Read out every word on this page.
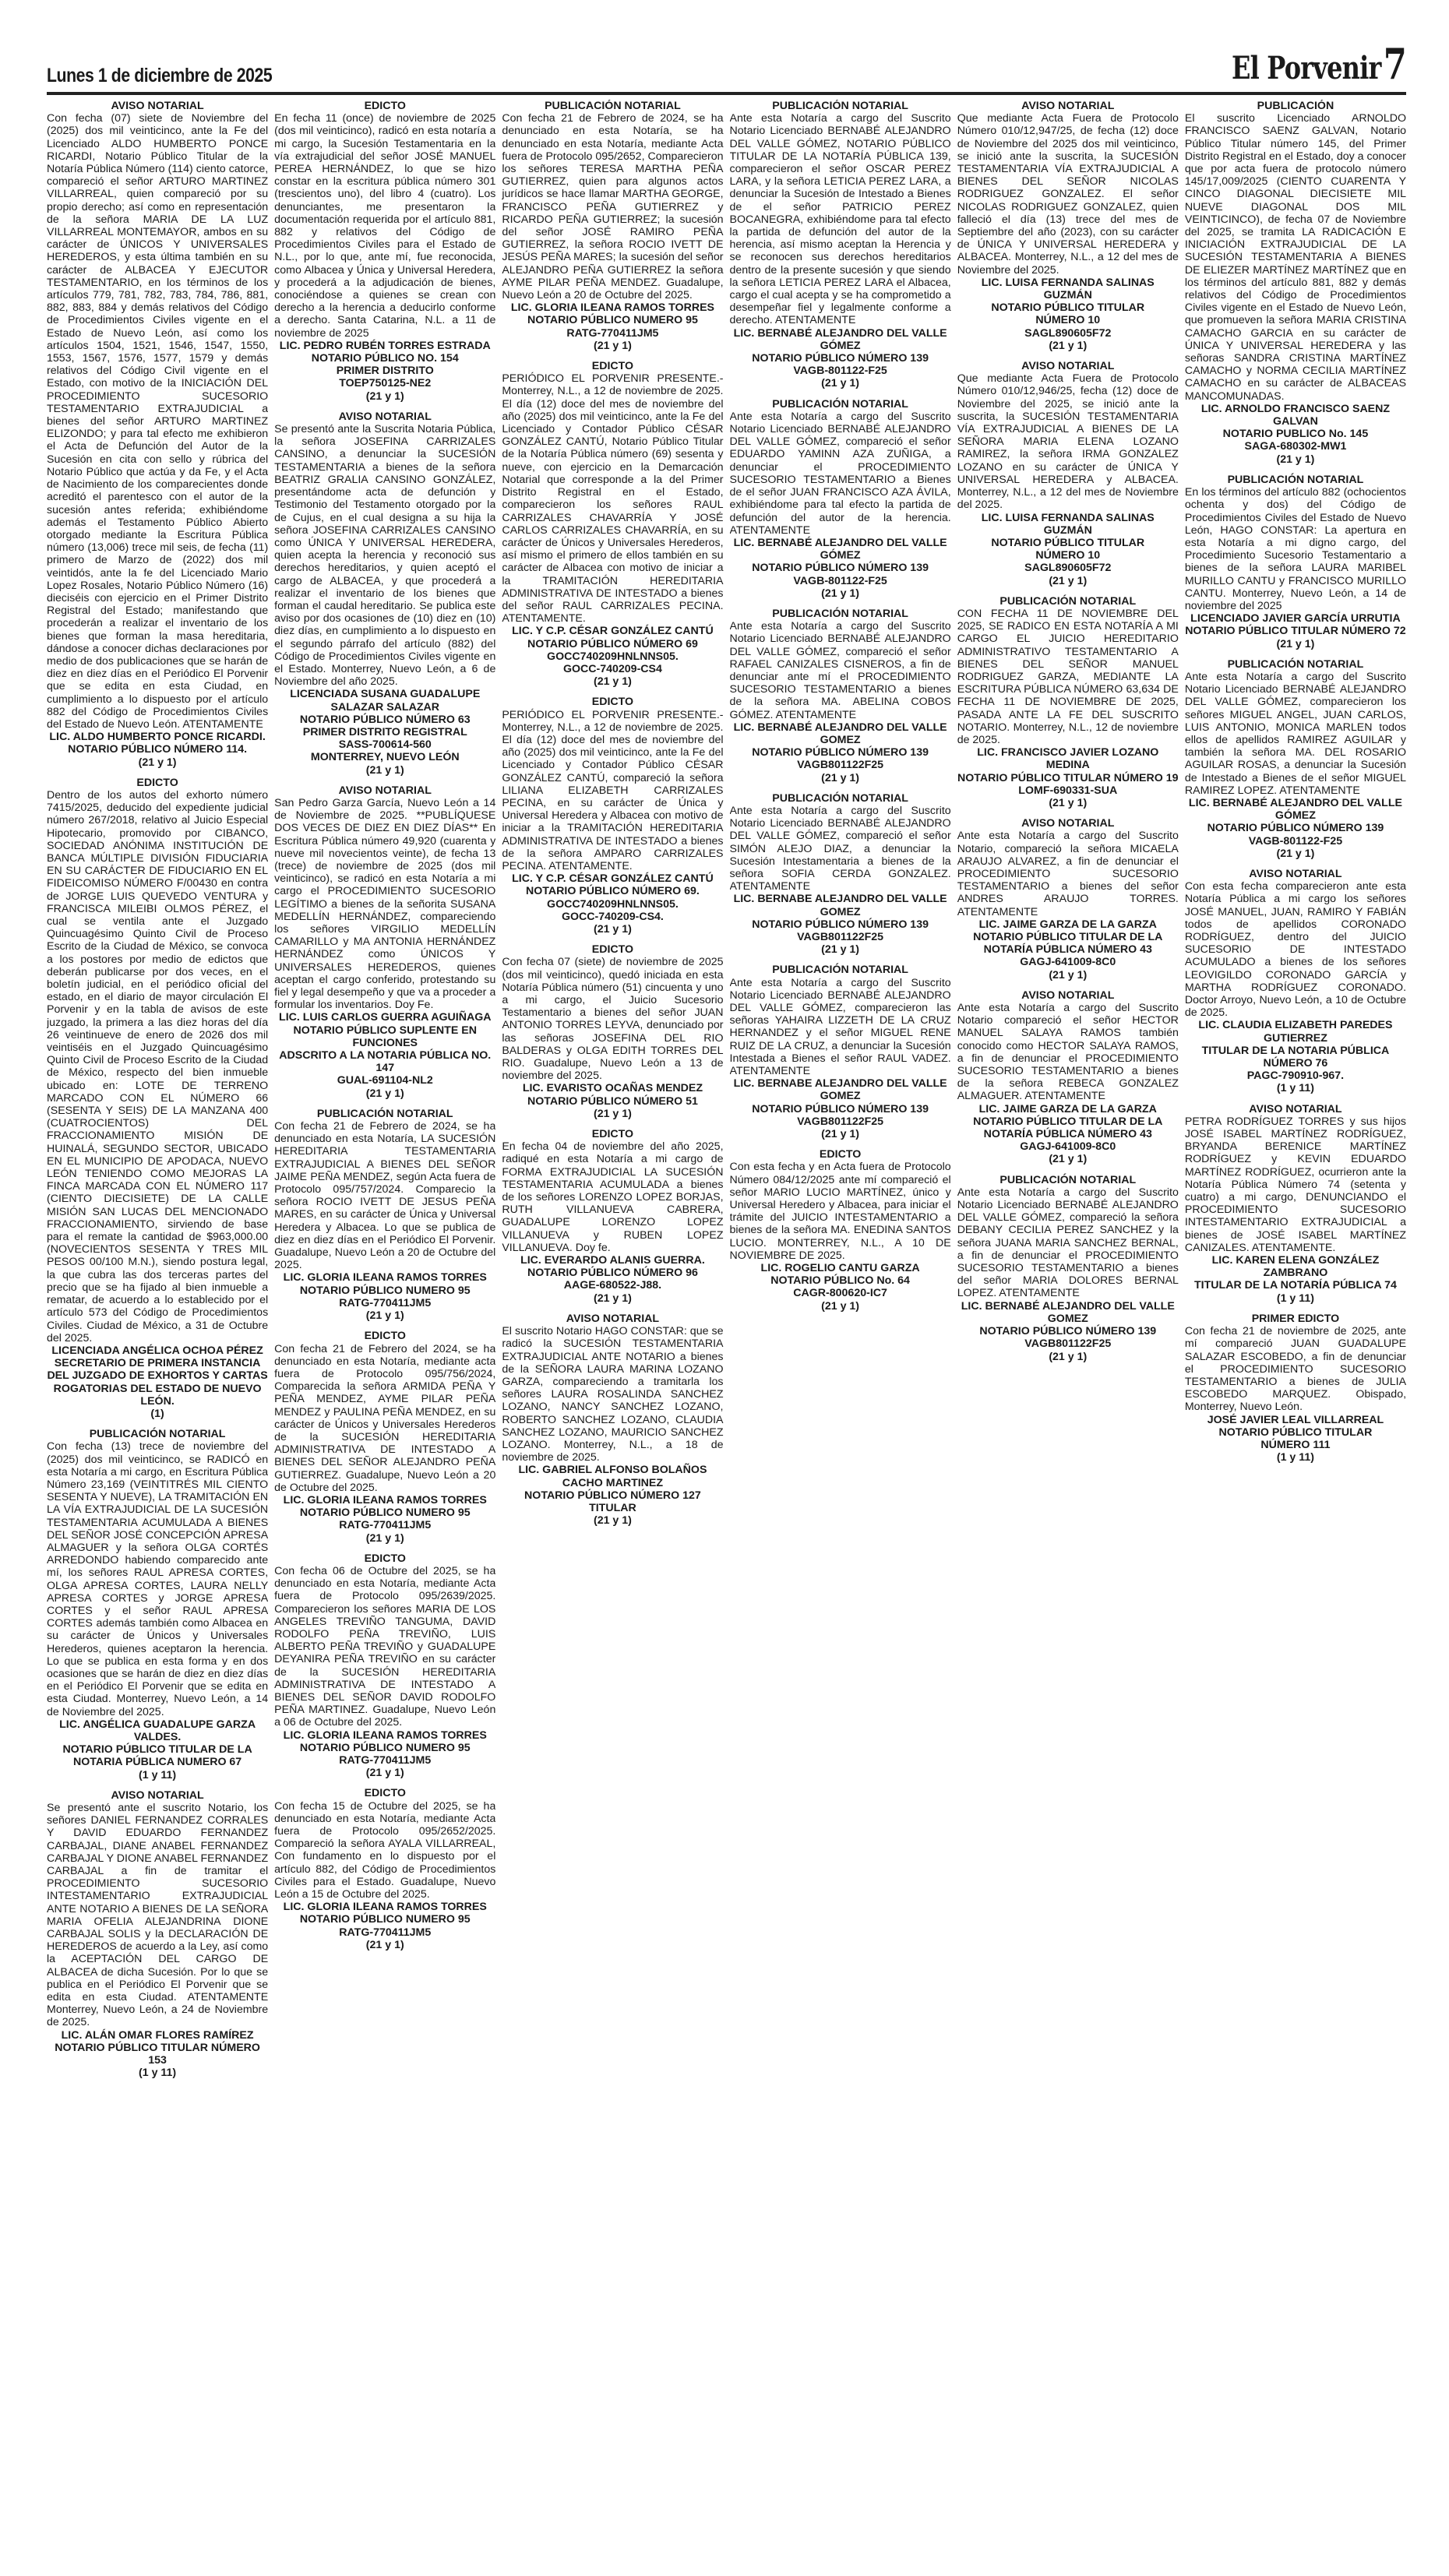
Lunes 1 de diciembre de 2025	El Porvenir7
AVISO NOTARIAL
Con fecha (07) siete de Noviembre del (2025) dos mil veinticinco, ante la Fe del Licenciado ALDO HUMBERTO PONCE RICARDI, Notario Público Titular de la Notaría Pública Número (114) ciento catorce, compareció el señor ARTURO MARTINEZ VILLARREAL, quien compareció por su propio derecho; así como en representación de la señora MARIA DE LA LUZ VILLARREAL MONTEMAYOR, ambos en su carácter de ÚNICOS Y UNIVERSALES HEREDEROS, y esta última también en su carácter de ALBACEA Y EJECUTOR TESTAMENTARIO, en los términos de los artículos 779, 781, 782, 783, 784, 786, 881, 882, 883, 884 y demás relativos del Código de Procedimientos Civiles vigente en el Estado de Nuevo León, así como los artículos 1504, 1521, 1546, 1547, 1550, 1553, 1567, 1576, 1577, 1579 y demás relativos del Código Civil vigente en el Estado, con motivo de la INICIACIÓN DEL PROCEDIMIENTO SUCESORIO TESTAMENTARIO EXTRAJUDICIAL a bienes del señor ARTURO MARTINEZ ELIZONDO; y para tal efecto me exhibieron el Acta de Defunción del Autor de la Sucesión en cita con sello y rúbrica del Notario Público que actúa y da Fe, y el Acta de Nacimiento de los comparecientes donde acreditó el parentesco con el autor de la sucesión antes referida; exhibiéndome además el Testamento Público Abierto otorgado mediante la Escritura Pública número (13,006) trece mil seis, de fecha (11) primero de Marzo de (2022) dos mil veintidós, ante la fe del Licenciado Mario Lopez Rosales, Notario Público Número (16) dieciséis con ejercicio en el Primer Distrito Registral del Estado; manifestando que procederán a realizar el inventario de los bienes que forman la masa hereditaria, dándose a conocer dichas declaraciones por medio de dos publicaciones que se harán de diez en diez días en el Periódico El Porvenir que se edita en esta Ciudad, en cumplimiento a lo dispuesto por el artículo 882 del Código de Procedimientos Civiles del Estado de Nuevo León. ATENTAMENTE
LIC. ALDO HUMBERTO PONCE RICARDI.
NOTARIO PÚBLICO NÚMERO 114.
(21 y 1)
EDICTO
Dentro de los autos del exhorto número 7415/2025, deducido del expediente judicial número 267/2018, relativo al Juicio Especial Hipotecario, promovido por CIBANCO, SOCIEDAD ANÓNIMA INSTITUCIÓN DE BANCA MÚLTIPLE DIVISIÓN FIDUCIARIA EN SU CARÁCTER DE FIDUCIARIO EN EL FIDEICOMISO NÚMERO F/00430 en contra de JORGE LUIS QUEVEDO VENTURA y FRANCISCA MILEIBI OLMOS PÉREZ, el cual se ventila ante el Juzgado Quincuagésimo Quinto Civil de Proceso Escrito de la Ciudad de México, se convoca a los postores por medio de edictos que deberán publicarse por dos veces, en el boletín judicial, en el periódico oficial del estado, en el diario de mayor circulación El Porvenir y en la tabla de avisos de este juzgado, la primera a las diez horas del día 26 veintinueve de enero de 2026 dos mil veintiséis en el Juzgado Quincuagésimo Quinto Civil de Proceso Escrito de la Ciudad de México, respecto del bien inmueble ubicado en: LOTE DE TERRENO MARCADO CON EL NÚMERO 66 (SESENTA Y SEIS) DE LA MANZANA 400 (CUATROCIENTOS) DEL FRACCIONAMIENTO MISIÓN DE HUINALÁ, SEGUNDO SECTOR, UBICADO EN EL MUNICIPIO DE APODACA, NUEVO LEÓN TENIENDO COMO MEJORAS LA FINCA MARCADA CON EL NÚMERO 117 (CIENTO DIECISIETE) DE LA CALLE MISIÓN SAN LUCAS DEL MENCIONADO FRACCIONAMIENTO, sirviendo de base para el remate la cantidad de $963,000.00 (NOVECIENTOS SESENTA Y TRES MIL PESOS 00/100 M.N.), siendo postura legal, la que cubra las dos terceras partes del precio que se ha fijado al bien inmueble a rematar, de acuerdo a lo establecido por el artículo 573 del Código de Procedimientos Civiles. Ciudad de México, a 31 de Octubre del 2025.
LICENCIADA ANGÉLICA OCHOA PÉREZ
SECRETARIO DE PRIMERA INSTANCIA DEL JUZGADO DE EXHORTOS Y CARTAS ROGATORIAS DEL ESTADO DE NUEVO LEÓN.
(1)
PUBLICACIÓN NOTARIAL
Con fecha (13) trece de noviembre del (2025) dos mil veinticinco, se RADICÓ en esta Notaría a mi cargo, en Escritura Pública Número 23,169 (VEINTITRÉS MIL CIENTO SESENTA Y NUEVE), LA TRAMITACIÓN EN LA VÍA EXTRAJUDICIAL DE LA SUCESIÓN TESTAMENTARIA ACUMULADA A BIENES DEL SEÑOR JOSÉ CONCEPCIÓN APRESA ALMAGUER y la señora OLGA CORTÉS ARREDONDO habiendo comparecido ante mí, los señores RAUL APRESA CORTES, OLGA APRESA CORTES, LAURA NELLY APRESA CORTES y JORGE APRESA CORTES y el señor RAUL APRESA CORTES además también como Albacea en su carácter de Únicos y Universales Herederos, quienes aceptaron la herencia. Lo que se publica en esta forma y en dos ocasiones que se harán de diez en diez días en el Periódico El Porvenir que se edita en esta Ciudad. Monterrey, Nuevo León, a 14 de Noviembre del 2025.
LIC. ANGÉLICA GUADALUPE GARZA VALDES.
NOTARIO PÚBLICO TITULAR DE LA NOTARIA PÚBLICA NUMERO 67
(1 y 11)
AVISO NOTARIAL
Se presentó ante el suscrito Notario, los señores DANIEL FERNANDEZ CORRALES Y DAVID EDUARDO FERNANDEZ CARBAJAL, DIANE ANABEL FERNANDEZ CARBAJAL Y DIONE ANABEL FERNANDEZ CARBAJAL a fin de tramitar el PROCEDIMIENTO SUCESORIO INTESTAMENTARIO EXTRAJUDICIAL ANTE NOTARIO A BIENES DE LA SEÑORA MARIA OFELIA ALEJANDRINA DIONE CARBAJAL SOLIS y la DECLARACIÓN DE HEREDEROS de acuerdo a la Ley, así como la ACEPTACIÓN DEL CARGO DE ALBACEA de dicha Sucesión. Por lo que se publica en el Periódico El Porvenir que se edita en esta Ciudad. ATENTAMENTE Monterrey, Nuevo León, a 24 de Noviembre de 2025.
LIC. ALÁN OMAR FLORES RAMÍREZ
NOTARIO PÚBLICO TITULAR NÚMERO 153
(1 y 11)
EDICTO
En fecha 11 (once) de noviembre de 2025 (dos mil veinticinco), radicó en esta notaría a mi cargo, la Sucesión Testamentaria en la vía extrajudicial del señor JOSÉ MANUEL PEREA HERNÁNDEZ, lo que se hizo constar en la escritura pública número 301 (trescientos uno), del libro 4 (cuatro). Los denunciantes, me presentaron la documentación requerida por el artículo 881, 882 y relativos del Código de Procedimientos Civiles para el Estado de N.L., por lo que, ante mí, fue reconocida, como Albacea y Única y Universal Heredera, y procederá a la adjudicación de bienes, conociéndose a quienes se crean con derecho a la herencia a deducirlo conforme a derecho. Santa Catarina, N.L. a 11 de noviembre de 2025
LIC. PEDRO RUBÉN TORRES ESTRADA
NOTARIO PÚBLICO NO. 154
PRIMER DISTRITO
TOEP750125-NE2
(21 y 1)
AVISO NOTARIAL
Se presentó ante la Suscrita Notaria Pública, la señora JOSEFINA CARRIZALES CANSINO, a denunciar la SUCESIÓN TESTAMENTARIA a bienes de la señora BEATRIZ GRALIA CANSINO GONZÁLEZ, presentándome acta de defunción y Testimonio del Testamento otorgado por la de Cujus, en el cual designa a su hija la señora JOSEFINA CARRIZALES CANSINO como ÚNICA Y UNIVERSAL HEREDERA, quien acepta la herencia y reconoció sus derechos hereditarios, y quien aceptó el cargo de ALBACEA, y que procederá a realizar el inventario de los bienes que forman el caudal hereditario. Se publica este aviso por dos ocasiones de (10) diez en (10) diez días, en cumplimiento a lo dispuesto en el segundo párrafo del artículo (882) del Código de Procedimientos Civiles vigente en el Estado. Monterrey, Nuevo León, a 6 de Noviembre del año 2025.
LICENCIADA SUSANA GUADALUPE SALAZAR SALAZAR
NOTARIO PÚBLICO NÚMERO 63
PRIMER DISTRITO REGISTRAL
SASS-700614-560
MONTERREY, NUEVO LEÓN
(21 y 1)
AVISO NOTARIAL
San Pedro Garza García, Nuevo León a 14 de Noviembre de 2025. **PUBLÍQUESE DOS VECES DE DIEZ EN DIEZ DÍAS** En Escritura Pública número 49,920 (cuarenta y nueve mil novecientos veinte), de fecha 13 (trece) de noviembre de 2025 (dos mil veinticinco), se radicó en esta Notaría a mi cargo el PROCEDIMIENTO SUCESORIO LEGÍTIMO a bienes de la señorita SUSANA MEDELLÍN HERNÁNDEZ, compareciendo los señores VIRGILIO MEDELLÍN CAMARILLO y MA ANTONIA HERNÁNDEZ HERNÁNDEZ como ÚNICOS Y UNIVERSALES HEREDEROS, quienes aceptan el cargo conferido, protestando su fiel y legal desempeño y que va a proceder a formular los inventarios. Doy Fe.
LIC. LUIS CARLOS GUERRA AGUIÑAGA
NOTARIO PÚBLICO SUPLENTE EN FUNCIONES
ADSCRITO A LA NOTARIA PÚBLICA NO. 147
GUAL-691104-NL2
(21 y 1)
PUBLICACIÓN NOTARIAL
Con fecha 21 de Febrero de 2024, se ha denunciado en esta Notaría, LA SUCESIÓN HEREDITARIA TESTAMENTARIA EXTRAJUDICIAL A BIENES DEL SEÑOR JAIME PEÑA MENDEZ, según Acta fuera de Protocolo 095/757/2024. Comparecio la señora ROCIO IVETT DE JESUS PEÑA MARES, en su carácter de Única y Universal Heredera y Albacea. Lo que se publica de diez en diez días en el Periódico El Porvenir. Guadalupe, Nuevo León a 20 de Octubre del 2025.
LIC. GLORIA ILEANA RAMOS TORRES
NOTARIO PÚBLICO NUMERO 95
RATG-770411JM5
(21 y 1)
EDICTO
Con fecha 21 de Febrero del 2024, se ha denunciado en esta Notaría, mediante acta fuera de Protocolo 095/756/2024, Comparecida la señora ARMIDA PEÑA Y PEÑA MENDEZ, AYME PILAR PEÑA MENDEZ y PAULINA PEÑA MENDEZ, en su carácter de Únicos y Universales Herederos de la SUCESIÓN HEREDITARIA ADMINISTRATIVA DE INTESTADO A BIENES DEL SEÑOR ALEJANDRO PEÑA GUTIERREZ. Guadalupe, Nuevo León a 20 de Octubre del 2025.
LIC. GLORIA ILEANA RAMOS TORRES
NOTARIO PÚBLICO NUMERO 95
RATG-770411JM5
(21 y 1)
EDICTO
Con fecha 06 de Octubre del 2025, se ha denunciado en esta Notaría, mediante Acta fuera de Protocolo 095/2639/2025. Comparecieron los señores MARIA DE LOS ANGELES TREVIÑO TANGUMA, DAVID RODOLFO PEÑA TREVIÑO, LUIS ALBERTO PEÑA TREVIÑO y GUADALUPE DEYANIRA PEÑA TREVIÑO en su carácter de la SUCESIÓN HEREDITARIA ADMINISTRATIVA DE INTESTADO A BIENES DEL SEÑOR DAVID RODOLFO PEÑA MARTINEZ. Guadalupe, Nuevo León a 06 de Octubre del 2025.
LIC. GLORIA ILEANA RAMOS TORRES
NOTARIO PÚBLICO NUMERO 95
RATG-770411JM5
(21 y 1)
EDICTO
Con fecha 15 de Octubre del 2025, se ha denunciado en esta Notaría, mediante Acta fuera de Protocolo 095/2652/2025. Compareció la señora AYALA VILLARREAL, Con fundamento en lo dispuesto por el artículo 882, del Código de Procedimientos Civiles para el Estado. Guadalupe, Nuevo León a 15 de Octubre del 2025.
LIC. GLORIA ILEANA RAMOS TORRES
NOTARIO PÚBLICO NUMERO 95
RATG-770411JM5
(21 y 1)
PUBLICACIÓN NOTARIAL
Con fecha 21 de Febrero de 2024, se ha denunciado en esta Notaría, se ha denunciado en esta Notaría, mediante Acta fuera de Protocolo 095/2652, Comparecieron los señores TERESA MARTHA PEÑA GUTIERREZ, quien para algunos actos jurídicos se hace llamar MARTHA GEORGE, FRANCISCO PEÑA GUTIERREZ y RICARDO PEÑA GUTIERREZ; la sucesión del señor JOSÉ RAMIRO PEÑA GUTIERREZ, la señora ROCIO IVETT DE JESÚS PEÑA MARES; la sucesión del señor ALEJANDRO PEÑA GUTIERREZ la señora AYME PILAR PEÑA MENDEZ. Guadalupe, Nuevo León a 20 de Octubre del 2025.
LIC. GLORIA ILEANA RAMOS TORRES
NOTARIO PÚBLICO NUMERO 95
RATG-770411JM5
(21 y 1)
EDICTO
PERIÓDICO EL PORVENIR PRESENTE.- Monterrey, N.L., a 12 de noviembre de 2025. El día (12) doce del mes de noviembre del año (2025) dos mil veinticinco, ante la Fe del Licenciado y Contador Público CÉSAR GONZÁLEZ CANTÚ, Notario Público Titular de la Notaría Pública número (69) sesenta y nueve, con ejercicio en la Demarcación Notarial que corresponde a la del Primer Distrito Registral en el Estado, comparecieron los señores RAUL CARRIZALES CHAVARRÍA Y JOSÉ CARLOS CARRIZALES CHAVARRÍA, en su carácter de Únicos y Universales Herederos, así mismo el primero de ellos también en su carácter de Albacea con motivo de iniciar a la TRAMITACIÓN HEREDITARIA ADMINISTRATIVA DE INTESTADO a bienes del señor RAUL CARRIZALES PECINA. ATENTAMENTE.
LIC. Y C.P. CÉSAR GONZÁLEZ CANTÚ
NOTARIO PÚBLICO NÚMERO 69
GOCC740209HNLNNS05.
GOCC-740209-CS4
(21 y 1)
EDICTO
PERIÓDICO EL PORVENIR PRESENTE.- Monterrey, N.L., a 12 de noviembre de 2025. El día (12) doce del mes de noviembre del año (2025) dos mil veinticinco, ante la Fe del Licenciado y Contador Público CÉSAR GONZÁLEZ CANTÚ, compareció la señora LILIANA ELIZABETH CARRIZALES PECINA, en su carácter de Única y Universal Heredera y Albacea con motivo de iniciar a la TRAMITACIÓN HEREDITARIA ADMINISTRATIVA DE INTESTADO a bienes de la señora AMPARO CARRIZALES PECINA. ATENTAMENTE.
LIC. Y C.P. CÉSAR GONZÁLEZ CANTÚ
NOTARIO PÚBLICO NÚMERO 69.
GOCC740209HNLNNS05.
GOCC-740209-CS4.
(21 y 1)
EDICTO
Con fecha 07 (siete) de noviembre de 2025 (dos mil veinticinco), quedó iniciada en esta Notaría Pública número (51) cincuenta y uno a mi cargo, el Juicio Sucesorio Testamentario a bienes del señor JUAN ANTONIO TORRES LEYVA, denunciado por las señoras JOSEFINA DEL RIO BALDERAS y OLGA EDITH TORRES DEL RIO. Guadalupe, Nuevo León a 13 de noviembre del 2025.
LIC. EVARISTO OCAÑAS MENDEZ
NOTARIO PÚBLICO NÚMERO 51
(21 y 1)
EDICTO
En fecha 04 de noviembre del año 2025, radiqué en esta Notaría a mi cargo de FORMA EXTRAJUDICIAL LA SUCESIÓN TESTAMENTARIA ACUMULADA a bienes de los señores LORENZO LOPEZ BORJAS, RUTH VILLANUEVA CABRERA, GUADALUPE LORENZO LOPEZ VILLANUEVA y RUBEN LOPEZ VILLANUEVA. Doy fe.
LIC. EVERARDO ALANIS GUERRA.
NOTARIO PÚBLICO NÚMERO 96
AAGE-680522-J88.
(21 y 1)
AVISO NOTARIAL
El suscrito Notario HAGO CONSTAR: que se radicó la SUCESIÓN TESTAMENTARIA EXTRAJUDICIAL ANTE NOTARIO a bienes de la SEÑORA LAURA MARINA LOZANO GARZA, compareciendo a tramitarla los señores LAURA ROSALINDA SANCHEZ LOZANO, NANCY SANCHEZ LOZANO, ROBERTO SANCHEZ LOZANO, CLAUDIA SANCHEZ LOZANO, MAURICIO SANCHEZ LOZANO. Monterrey, N.L., a 18 de noviembre de 2025.
LIC. GABRIEL ALFONSO BOLAÑOS CACHO MARTINEZ
NOTARIO PÚBLICO NÚMERO 127
TITULAR
(21 y 1)
PUBLICACIÓN NOTARIAL
Ante esta Notaría a cargo del Suscrito Notario Licenciado BERNABÉ ALEJANDRO DEL VALLE GÓMEZ, NOTARIO PÚBLICO TITULAR DE LA NOTARÍA PÚBLICA 139, comparecieron el señor OSCAR PEREZ LARA, y la señora LETICIA PEREZ LARA, a denunciar la Sucesión de Intestado a Bienes de el señor PATRICIO PEREZ BOCANEGRA, exhibiéndome para tal efecto la partida de defunción del autor de la herencia, así mismo aceptan la Herencia y se reconocen sus derechos hereditarios dentro de la presente sucesión y que siendo la señora LETICIA PEREZ LARA el Albacea, cargo el cual acepta y se ha comprometido a desempeñar fiel y legalmente conforme a derecho. ATENTAMENTE
LIC. BERNABÉ ALEJANDRO DEL VALLE GÓMEZ
NOTARIO PÚBLICO NÚMERO 139
VAGB-801122-F25
(21 y 1)
PUBLICACIÓN NOTARIAL
Ante esta Notaría a cargo del Suscrito Notario Licenciado BERNABÉ ALEJANDRO DEL VALLE GÓMEZ, compareció el señor EDUARDO YAMINN AZA ZUÑIGA, a denunciar el PROCEDIMIENTO SUCESORIO TESTAMENTARIO a Bienes de el señor JUAN FRANCISCO AZA ÁVILA, exhibiéndome para tal efecto la partida de defunción del autor de la herencia. ATENTAMENTE
LIC. BERNABÉ ALEJANDRO DEL VALLE GÓMEZ
NOTARIO PÚBLICO NÚMERO 139
VAGB-801122-F25
(21 y 1)
PUBLICACIÓN NOTARIAL
Ante esta Notaría a cargo del Suscrito Notario Licenciado BERNABÉ ALEJANDRO DEL VALLE GÓMEZ, compareció el señor RAFAEL CANIZALES CISNEROS, a fin de denunciar ante mí el PROCEDIMIENTO SUCESORIO TESTAMENTARIO a bienes de la señora MA. ABELINA COBOS GÓMEZ. ATENTAMENTE
LIC. BERNABÉ ALEJANDRO DEL VALLE GOMEZ
NOTARIO PÚBLICO NÚMERO 139
VAGB801122F25
(21 y 1)
PUBLICACIÓN NOTARIAL
Ante esta Notaría a cargo del Suscrito Notario Licenciado BERNABÉ ALEJANDRO DEL VALLE GÓMEZ, compareció el señor SIMÓN ALEJO DIAZ, a denunciar la Sucesión Intestamentaria a bienes de la señora SOFIA CERDA GONZALEZ. ATENTAMENTE
LIC. BERNABE ALEJANDRO DEL VALLE GOMEZ
NOTARIO PÚBLICO NÚMERO 139
VAGB801122F25
(21 y 1)
PUBLICACIÓN NOTARIAL
Ante esta Notaría a cargo del Suscrito Notario Licenciado BERNABÉ ALEJANDRO DEL VALLE GÓMEZ, comparecieron las señoras YAHAIRA LIZZETH DE LA CRUZ HERNANDEZ y el señor MIGUEL RENE RUIZ DE LA CRUZ, a denunciar la Sucesión Intestada a Bienes el señor RAUL VADEZ. ATENTAMENTE
LIC. BERNABE ALEJANDRO DEL VALLE GOMEZ
NOTARIO PÚBLICO NÚMERO 139
VAGB801122F25
(21 y 1)
EDICTO
Con esta fecha y en Acta fuera de Protocolo Número 084/12/2025 ante mí compareció el señor MARIO LUCIO MARTÍNEZ, único y Universal Heredero y Albacea, para iniciar el trámite del JUICIO INTESTAMENTARIO a bienes de la señora MA. ENEDINA SANTOS LUCIO. MONTERREY, N.L., A 10 DE NOVIEMBRE DE 2025.
LIC. ROGELIO CANTU GARZA
NOTARIO PÚBLICO No. 64
CAGR-800620-IC7
(21 y 1)
AVISO NOTARIAL
Que mediante Acta Fuera de Protocolo Número 010/12,947/25, de fecha (12) doce de Noviembre del 2025 dos mil veinticinco, se inició ante la suscrita, la SUCESIÓN TESTAMENTARIA VÍA EXTRAJUDICIAL A BIENES DEL SEÑOR NICOLAS RODRIGUEZ GONZALEZ. El señor NICOLAS RODRIGUEZ GONZALEZ, quien falleció el día (13) trece del mes de Septiembre del año (2023), con su carácter de ÚNICA Y UNIVERSAL HEREDERA y ALBACEA. Monterrey, N.L., a 12 del mes de Noviembre del 2025.
LIC. LUISA FERNANDA SALINAS GUZMÁN
NOTARIO PÚBLICO TITULAR
NÚMERO 10
SAGL890605F72
(21 y 1)
AVISO NOTARIAL
Que mediante Acta Fuera de Protocolo Número 010/12,946/25, fecha (12) doce de Noviembre del 2025, se inició ante la suscrita, la SUCESIÓN TESTAMENTARIA VÍA EXTRAJUDICIAL A BIENES DE LA SEÑORA MARIA ELENA LOZANO RAMIREZ, la señora IRMA GONZALEZ LOZANO en su carácter de ÚNICA Y UNIVERSAL HEREDERA y ALBACEA. Monterrey, N.L., a 12 del mes de Noviembre del 2025.
LIC. LUISA FERNANDA SALINAS GUZMÁN
NOTARIO PÚBLICO TITULAR
NÚMERO 10
SAGL890605F72
(21 y 1)
PUBLICACIÓN NOTARIAL
CON FECHA 11 DE NOVIEMBRE DEL 2025, SE RADICO EN ESTA NOTARÍA A MI CARGO EL JUICIO HEREDITARIO ADMINISTRATIVO TESTAMENTARIO A BIENES DEL SEÑOR MANUEL RODRIGUEZ GARZA, MEDIANTE LA ESCRITURA PÚBLICA NÚMERO 63,634 DE FECHA 11 DE NOVIEMBRE DE 2025, PASADA ANTE LA FE DEL SUSCRITO NOTARIO. Monterrey, N.L., 12 de noviembre de 2025.
LIC. FRANCISCO JAVIER LOZANO MEDINA
NOTARIO PÚBLICO TITULAR NÚMERO 19
LOMF-690331-SUA
(21 y 1)
AVISO NOTARIAL
Ante esta Notaría a cargo del Suscrito Notario, compareció la señora MICAELA ARAUJO ALVAREZ, a fin de denunciar el PROCEDIMIENTO SUCESORIO TESTAMENTARIO a bienes del señor ANDRES ARAUJO TORRES. ATENTAMENTE
LIC. JAIME GARZA DE LA GARZA
NOTARIO PÚBLICO TITULAR DE LA NOTARÍA PÚBLICA NÚMERO 43
GAGJ-641009-8C0
(21 y 1)
AVISO NOTARIAL
Ante esta Notaría a cargo del Suscrito Notario compareció el señor HECTOR MANUEL SALAYA RAMOS también conocido como HECTOR SALAYA RAMOS, a fin de denunciar el PROCEDIMIENTO SUCESORIO TESTAMENTARIO a bienes de la señora REBECA GONZALEZ ALMAGUER. ATENTAMENTE
LIC. JAIME GARZA DE LA GARZA
NOTARIO PÚBLICO TITULAR DE LA NOTARÍA PÚBLICA NÚMERO 43
GAGJ-641009-8C0
(21 y 1)
PUBLICACIÓN NOTARIAL
Ante esta Notaría a cargo del Suscrito Notario Licenciado BERNABÉ ALEJANDRO DEL VALLE GÓMEZ, compareció la señora DEBANY CECILIA PEREZ SANCHEZ y la señora JUANA MARIA SANCHEZ BERNAL, a fin de denunciar el PROCEDIMIENTO SUCESORIO TESTAMENTARIO a bienes del señor MARIA DOLORES BERNAL LOPEZ. ATENTAMENTE
LIC. BERNABÉ ALEJANDRO DEL VALLE GOMEZ
NOTARIO PÚBLICO NÚMERO 139
VAGB801122F25
(21 y 1)
PUBLICACIÓN
El suscrito Licenciado ARNOLDO FRANCISCO SAENZ GALVAN, Notario Público Titular número 145, del Primer Distrito Registral en el Estado, doy a conocer que por acta fuera de protocolo número 145/17,009/2025 (CIENTO CUARENTA Y CINCO DIAGONAL DIECISIETE MIL NUEVE DIAGONAL DOS MIL VEINTICINCO), de fecha 07 de Noviembre del 2025, se tramita LA RADICACIÓN E INICIACIÓN EXTRAJUDICIAL DE LA SUCESIÓN TESTAMENTARIA A BIENES DE ELIEZER MARTÍNEZ MARTÍNEZ que en los términos del artículo 881, 882 y demás relativos del Código de Procedimientos Civiles vigente en el Estado de Nuevo León, que promueven la señora MARIA CRISTINA CAMACHO GARCIA en su carácter de ÚNICA Y UNIVERSAL HEREDERA y las señoras SANDRA CRISTINA MARTÍNEZ CAMACHO y NORMA CECILIA MARTÍNEZ CAMACHO en su carácter de ALBACEAS MANCOMUNADAS.
LIC. ARNOLDO FRANCISCO SAENZ GALVAN
NOTARIO PUBLICO No. 145
SAGA-680302-MW1
(21 y 1)
PUBLICACIÓN NOTARIAL
En los términos del artículo 882 (ochocientos ochenta y dos) del Código de Procedimientos Civiles del Estado de Nuevo León, HAGO CONSTAR: La apertura en esta Notaría a mi digno cargo, del Procedimiento Sucesorio Testamentario a bienes de la señora LAURA MARIBEL MURILLO CANTU y FRANCISCO MURILLO CANTU. Monterrey, Nuevo León, a 14 de noviembre del 2025
LICENCIADO JAVIER GARCÍA URRUTIA
NOTARIO PÚBLICO TITULAR NÚMERO 72
(21 y 1)
PUBLICACIÓN NOTARIAL
Ante esta Notaría a cargo del Suscrito Notario Licenciado BERNABÉ ALEJANDRO DEL VALLE GÓMEZ, comparecieron los señores MIGUEL ANGEL, JUAN CARLOS, LUIS ANTONIO, MONICA MARLEN todos ellos de apellidos RAMIREZ AGUILAR y también la señora MA. DEL ROSARIO AGUILAR ROSAS, a denunciar la Sucesión de Intestado a Bienes de el señor MIGUEL RAMIREZ LOPEZ. ATENTAMENTE
LIC. BERNABÉ ALEJANDRO DEL VALLE GÓMEZ
NOTARIO PÚBLICO NÚMERO 139
VAGB-801122-F25
(21 y 1)
AVISO NOTARIAL
Con esta fecha comparecieron ante esta Notaría Pública a mi cargo los señores JOSÉ MANUEL, JUAN, RAMIRO Y FABIÁN todos de apellidos CORONADO RODRÍGUEZ, dentro del JUICIO SUCESORIO DE INTESTADO ACUMULADO a bienes de los señores LEOVIGILDO CORONADO GARCÍA y MARTHA RODRÍGUEZ CORONADO. Doctor Arroyo, Nuevo León, a 10 de Octubre de 2025.
LIC. CLAUDIA ELIZABETH PAREDES GUTIERREZ
TITULAR DE LA NOTARIA PÚBLICA NÚMERO 76
PAGC-790910-967.
(1 y 11)
AVISO NOTARIAL
PETRA RODRÍGUEZ TORRES y sus hijos JOSÉ ISABEL MARTÍNEZ RODRÍGUEZ, BRYANDA BERENICE MARTÍNEZ RODRÍGUEZ y KEVIN EDUARDO MARTÍNEZ RODRÍGUEZ, ocurrieron ante la Notaría Pública Número 74 (setenta y cuatro) a mi cargo, DENUNCIANDO el PROCEDIMIENTO SUCESORIO INTESTAMENTARIO EXTRAJUDICIAL a bienes de JOSÉ ISABEL MARTÍNEZ CANIZALES. ATENTAMENTE.
LIC. KAREN ELENA GONZÁLEZ ZAMBRANO
TITULAR DE LA NOTARÍA PÚBLICA 74
(1 y 11)
PRIMER EDICTO
Con fecha 21 de noviembre de 2025, ante mí compareció JUAN GUADALUPE SALAZAR ESCOBEDO, a fin de denunciar el PROCEDIMIENTO SUCESORIO TESTAMENTARIO a bienes de JULIA ESCOBEDO MARQUEZ. Obispado, Monterrey, Nuevo León.
JOSÉ JAVIER LEAL VILLARREAL
NOTARIO PÚBLICO TITULAR
NÚMERO 111
(1 y 11)
